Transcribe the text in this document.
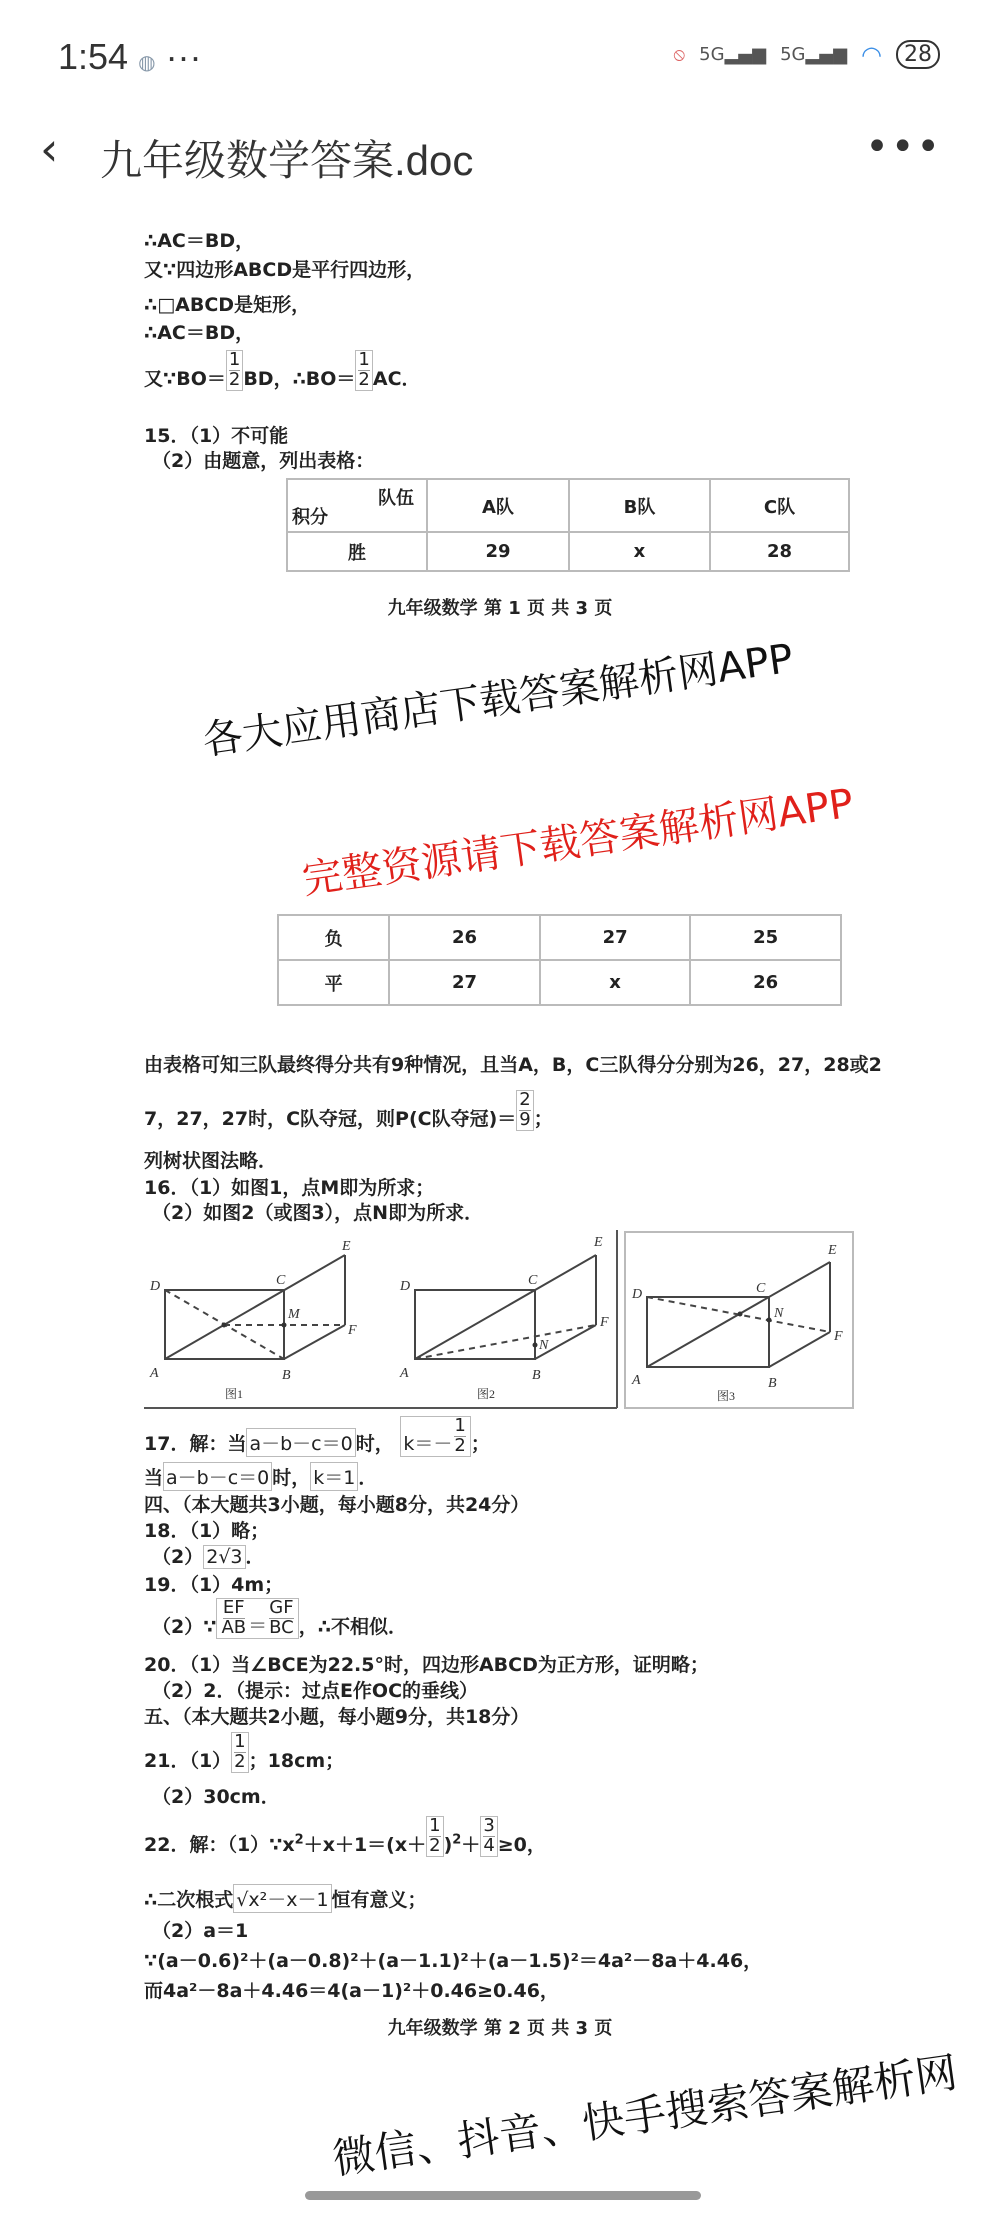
1:54 ◍ ···	⦸ 5G▂▄▆ 5G▂▄▆ ◠	28
‹ 九年级数学答案.doc	•••
∴AC＝BD，
又∵四边形ABCD是平行四边形，
∴□ABCD是矩形，
∴AC＝BD，
又∵BO＝ $\frac{1}{2}$ BD，∴BO＝ $\frac{1}{2}$ AC．
15．（1）不可能
（2）由题意，列出表格：
队伍
积分	A队	B队	C队
胜	29	x	28
九年级数学 第 1 页 共 3 页
负	26	27	25
平	27	x	26
由表格可知三队最终得分共有9种情况，且当A，B，C三队得分分别为26，27，28或2
7，27，27时，C队夺冠，则P(C队夺冠)＝ $\frac{2}{9}$ ；
列树状图法略．
16．（1）如图1，点M即为所求；
（2）如图2（或图3），点N即为所求．
D	C
A	B
F
M
E
D	C
A	B
F
N
E
D	C
A	B
F
N
E
图1	图2	图3
17．解：当 a－b－c＝0 时， $k=- \frac{1}{2}$ ；
当 a－b－c＝0 时， k＝1 ．
四、（本大题共3小题，每小题8分，共24分）
18．（1）略；
（2） 2√3 ．
19．（1）4m；
（2）∵ $\frac{EF}{AB} = \frac{GF}{BC}$ ，∴不相似．
20．（1）当∠BCE为22.5°时，四边形ABCD为正方形，证明略；
（2）2．（提示：过点E作OC的垂线）
五、（本大题共2小题，每小题9分，共18分）
21．$(1) \frac{1}{2}$ ；18cm；
（2）30cm．
22．解：$(1)\because x^2+x+1=(x+ \frac{1}{2} )^2+ \frac{3}{4} \ge 0$，
∴二次根式 √x²－x－1 恒有意义；
（2）a＝1
∵(a－0.6)²＋(a－0.8)²＋(a－1.1)²＋(a－1.5)²＝4a²－8a＋4.46，
而4a²－8a＋4.46＝4(a－1)²＋0.46≥0.46，
九年级数学 第 2 页 共 3 页
各大应用商店下载答案解析网APP
完整资源请下载答案解析网APP
微信、抖音、快手搜索答案解析网
